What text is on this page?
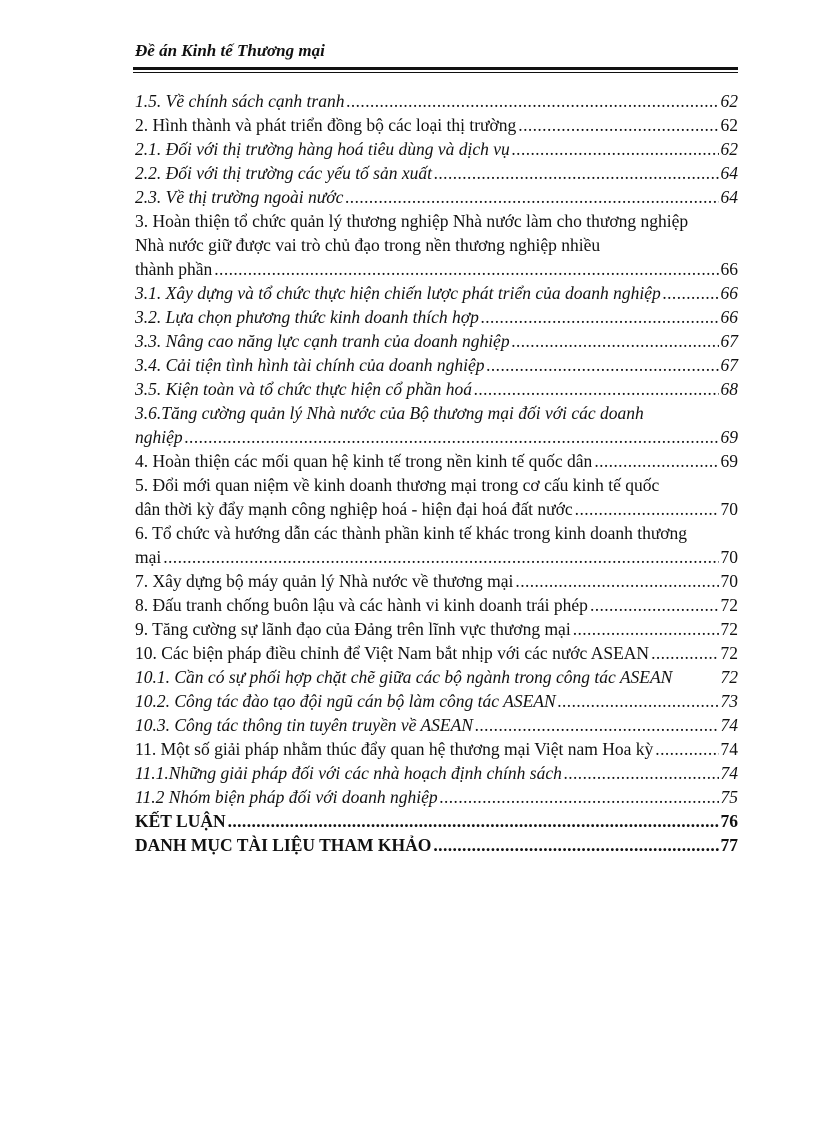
Đề án Kinh tế Thương mại

1.5. Về chính sách cạnh tranh .....	62
2. Hình thành và phát triển đồng bộ các loại thị trường .....	62
2.1. Đối với thị trường hàng hoá tiêu dùng và dịch vụ .....	62
2.2. Đối với thị trường các yếu tố sản xuất .....	64
2.3. Về thị trường ngoài nước .....	64
3. Hoàn thiện tổ chức quản lý thương nghiệp Nhà nước làm cho thương nghiệp
Nhà nước giữ được vai trò chủ đạo trong nền thương nghiệp nhiều
thành phần .....	66
3.1. Xây dựng và tổ chức thực hiện chiến lược phát triển của doanh nghiệp .....	66
3.2. Lựa chọn phương thức kinh doanh thích hợp .....	66
3.3. Nâng cao năng lực cạnh tranh của doanh nghiệp .....	67
3.4. Cải tiện tình hình tài chính của doanh nghiệp .....	67
3.5. Kiện toàn và tổ chức thực hiện cổ phần hoá .....	68
3.6.Tăng cường quản lý Nhà nước của Bộ thương mại đối với các doanh
nghiệp .....	69
4. Hoàn thiện các mối quan hệ kinh tế trong nền kinh tế quốc dân .....	69
5. Đổi mới quan niệm về kinh doanh thương mại trong cơ cấu kinh tế quốc
dân thời kỳ đẩy mạnh công nghiệp hoá - hiện đại hoá đất nước .....	70
6. Tổ chức và hướng dẫn các thành phần kinh tế khác trong kinh doanh thương
mại .....	70
7. Xây dựng bộ máy quản lý Nhà nước về thương mại .....	70
8. Đấu tranh chống buôn lậu và các hành vi kinh doanh trái phép .....	72
9. Tăng cường sự lãnh đạo của Đảng trên lĩnh vực thương mại .....	72
10. Các biện pháp điều chỉnh để Việt Nam bắt nhịp với các nước ASEAN .....	72
10.1. Cần có sự phối hợp chặt chẽ giữa các bộ ngành trong công tác ASEAN	72
10.2. Công tác đào tạo đội ngũ cán bộ làm công tác ASEAN .....	73
10.3. Công tác thông tin tuyên truyền về ASEAN .....	74
11. Một số giải pháp nhằm thúc đẩy quan hệ thương mại Việt nam Hoa kỳ .....	74
11.1.Những giải pháp đối với các nhà hoạch định chính sách .....	74
11.2 Nhóm biện pháp đối với doanh nghiệp .....	75
KẾT LUẬN .....	76
DANH MỤC TÀI LIỆU THAM KHẢO .....	77
